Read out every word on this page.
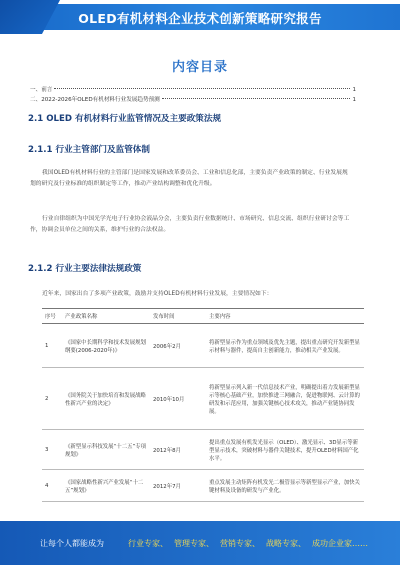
OLED有机材料企业技术创新策略研究报告
内容目录
一、前言	1
二、2022-2026年OLED有机材料行业发展趋势预测	1
2.1 OLED 有机材料行业监管情况及主要政策法规
2.1.1 行业主管部门及监管体制
我国OLED有机材料行业的主管部门是国家发展和改革委员会、工业和信息化部，主要负责产业政策的制定、行业发展规划的研究及行业标准的组织制定等工作，推动产业结构调整和优化升级。
行业自律组织为中国光学光电子行业协会液晶分会，主要负责行业数据统计、市场研究、信息交流、组织行业研讨会等工作，协调会员单位之间的关系，维护行业的合法权益。
2.1.2 行业主要法律法规政策
近年来，国家出台了多项产业政策，鼓励并支持OLED有机材料行业发展，主要情况如下：
序号	产业政策名称	发布时间	主要内容
1	《国家中长期科学和技术发展规划纲要(2006-2020年)》	2006年2月	将新型显示作为重点领域及优先主题，提出重点研究开发新型显示材料与器件，提高自主创新能力，推动相关产业发展。
2	《国务院关于加快培育和发展战略性新兴产业的决定》	2010年10月	将新型显示列入新一代信息技术产业，明确提出着力发展新型显示等核心基础产业，加快推进三网融合，促进物联网、云计算的研发和示范应用，加强关键核心技术攻关，推动产业链协同发展。
3	《新型显示科技发展“十二五”专项规划》	2012年8月	提出重点发展有机发光显示（OLED）、激光显示、3D显示等新型显示技术，突破材料与器件关键技术，提升OLED材料国产化水平。
4	《国家战略性新兴产业发展“十二五”规划》	2012年7月	重点发展主动矩阵有机发光二极管显示等新型显示产业，加快关键材料及设备的研发与产业化。
让每个人都能成为	行业专家、 管理专家、 营销专家、 战略专家、 成功企业家……
